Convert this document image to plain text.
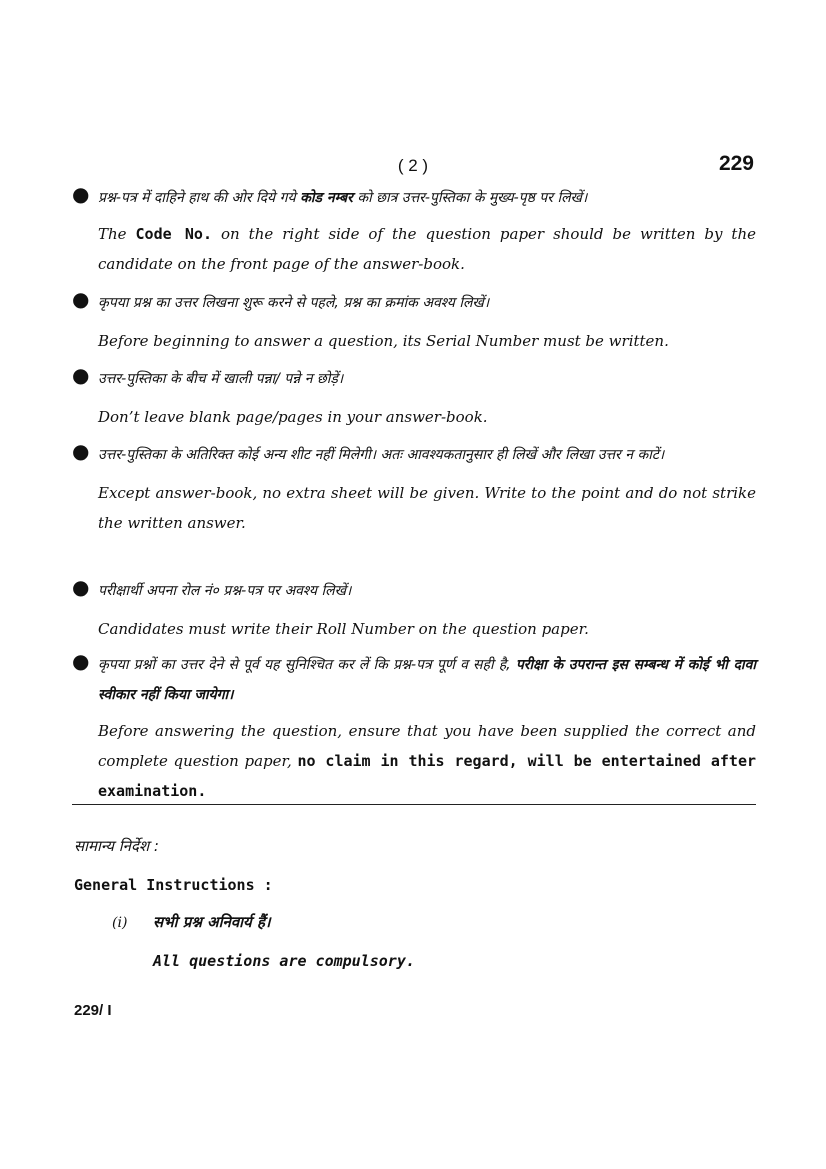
( 2 )	229
● प्रश्न-पत्र में दाहिने हाथ की ओर दिये गये कोड नम्बर को छात्र उत्तर-पुस्तिका के मुख्य-पृष्ठ पर लिखें।
The Code No. on the right side of the question paper should be written by the candidate on the front page of the answer-book.
● कृपया प्रश्न का उत्तर लिखना शुरू करने से पहले, प्रश्न का क्रमांक अवश्य लिखें।
Before beginning to answer a question, its Serial Number must be written.
● उत्तर-पुस्तिका के बीच में खाली पन्ना/ पन्ने न छोड़ें।
Don’t leave blank page/pages in your answer-book.
● उत्तर-पुस्तिका के अतिरिक्त कोई अन्य शीट नहीं मिलेगी। अतः आवश्यकतानुसार ही लिखें और लिखा उत्तर न काटें।
Except answer-book, no extra sheet will be given. Write to the point and do not strike the written answer.
● परीक्षार्थी अपना रोल नं० प्रश्न-पत्र पर अवश्य लिखें।
Candidates must write their Roll Number on the question paper.
● कृपया प्रश्नों का उत्तर देने से पूर्व यह सुनिश्चित कर लें कि प्रश्न-पत्र पूर्ण व सही है, परीक्षा के उपरान्त इस सम्बन्ध में कोई भी दावा स्वीकार नहीं किया जायेगा।
Before answering the question, ensure that you have been supplied the correct and complete question paper, no claim in this regard, will be entertained after examination.
सामान्य निर्देश :
General Instructions :
(i) सभी प्रश्न अनिवार्य हैं।
All questions are compulsory.
229/ I
